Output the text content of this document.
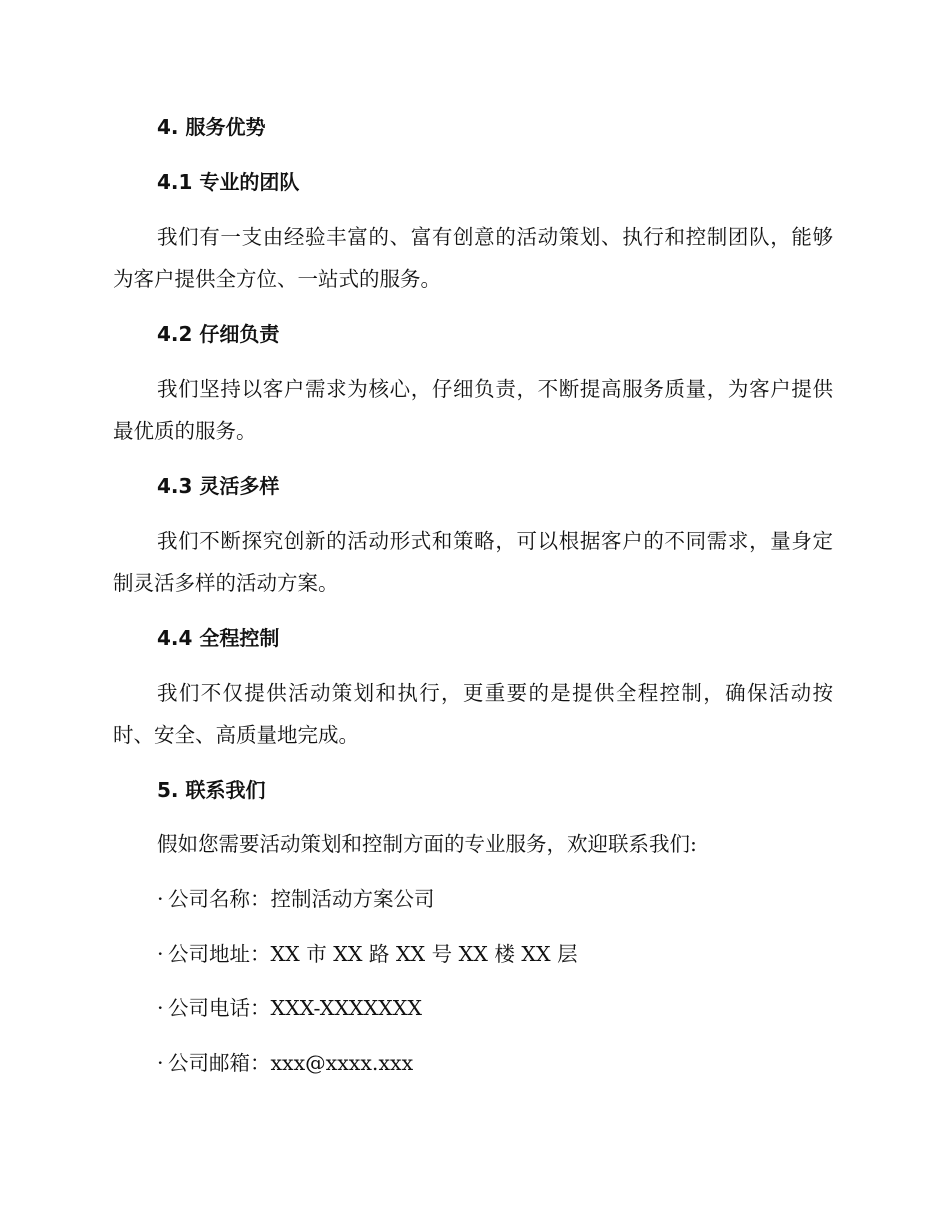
4. 服务优势
4.1 专业的团队

我们有一支由经验丰富的、富有创意的活动策划、执行和控制团队，能够为客户提供全方位、一站式的服务。

4.2 仔细负责

我们坚持以客户需求为核心，仔细负责，不断提高服务质量，为客户提供最优质的服务。

4.3 灵活多样

我们不断探究创新的活动形式和策略，可以根据客户的不同需求，量身定制灵活多样的活动方案。

4.4 全程控制

我们不仅提供活动策划和执行，更重要的是提供全程控制，确保活动按时、安全、高质量地完成。

5. 联系我们

假如您需要活动策划和控制方面的专业服务，欢迎联系我们:

· 公司名称：控制活动方案公司

· 公司地址：XX 市 XX 路 XX 号 XX 楼 XX 层

· 公司电话：XXX-XXXXXXX

· 公司邮箱：xxx@xxxx.xxx
